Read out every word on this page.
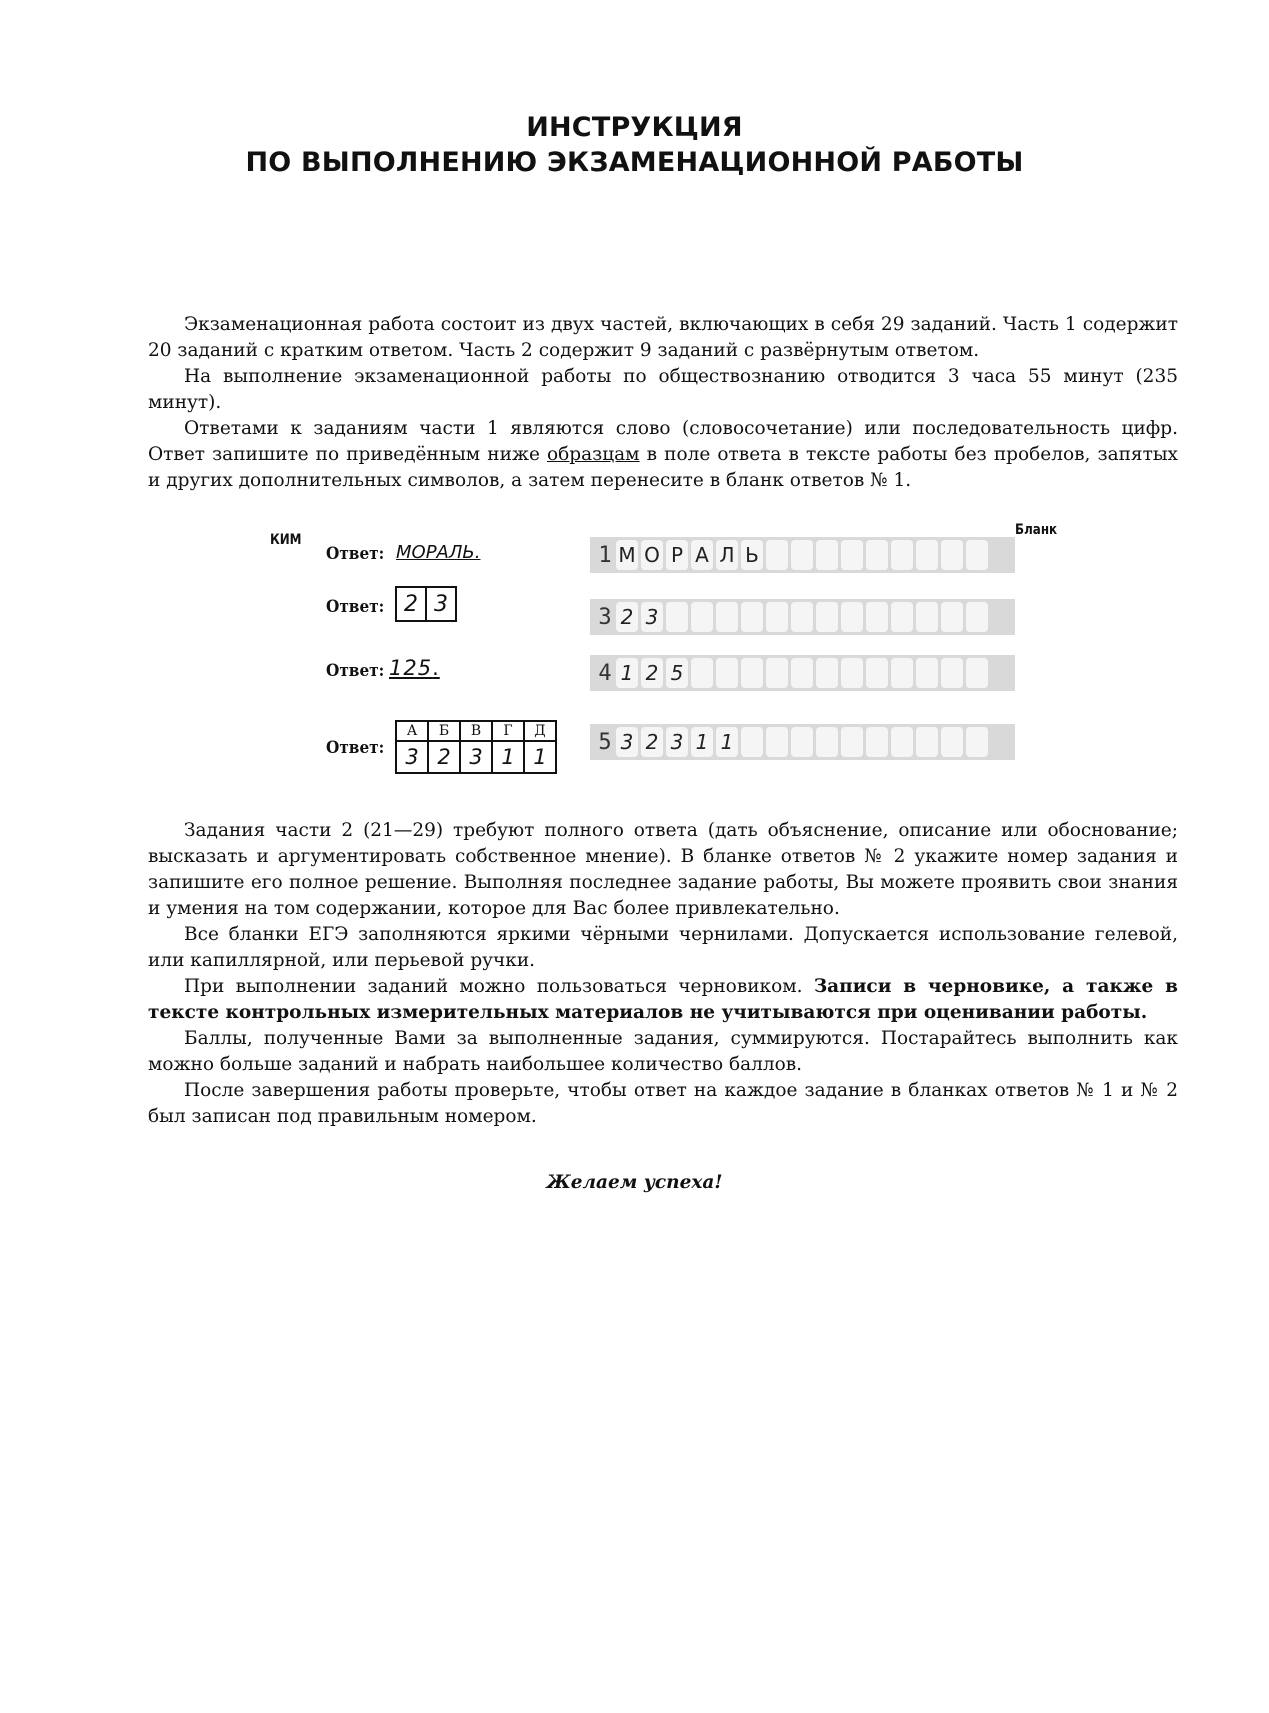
ИНСТРУКЦИЯ
ПО ВЫПОЛНЕНИЮ ЭКЗАМЕНАЦИОННОЙ РАБОТЫ

Экзаменационная работа состоит из двух частей, включающих в себя 29 заданий. Часть 1 содержит 20 заданий с кратким ответом. Часть 2 содержит 9 заданий с развёрнутым ответом.

На выполнение экзаменационной работы по обществознанию отводится 3 часа 55 минут (235 минут).

Ответами к заданиям части 1 являются слово (словосочетание) или последовательность цифр. Ответ запишите по приведённым ниже образцам в поле ответа в тексте работы без пробелов, запятых и других дополнительных символов, а затем перенесите в бланк ответов № 1.

КИМ
Бланк
Ответ: МОРАЛЬ.
Ответ: 2 3
Ответ: 125.
Ответ:
А	Б	В	Г	Д
3	2	3	1	1
1 М О Р А Л Ь
3 2 3
4 1 2 5
5 3 2 3 1 1

Задания части 2 (21—29) требуют полного ответа (дать объяснение, описание или обоснование; высказать и аргументировать собственное мнение). В бланке ответов № 2 укажите номер задания и запишите его полное решение. Выполняя последнее задание работы, Вы можете проявить свои знания и умения на том содержании, которое для Вас более привлекательно.

Все бланки ЕГЭ заполняются яркими чёрными чернилами. Допускается использование гелевой, или капиллярной, или перьевой ручки.

При выполнении заданий можно пользоваться черновиком. Записи в черновике, а также в тексте контрольных измерительных материалов не учитываются при оценивании работы.

Баллы, полученные Вами за выполненные задания, суммируются. Постарайтесь выполнить как можно больше заданий и набрать наибольшее количество баллов.

После завершения работы проверьте, чтобы ответ на каждое задание в бланках ответов № 1 и № 2 был записан под правильным номером.

Желаем успеха!
